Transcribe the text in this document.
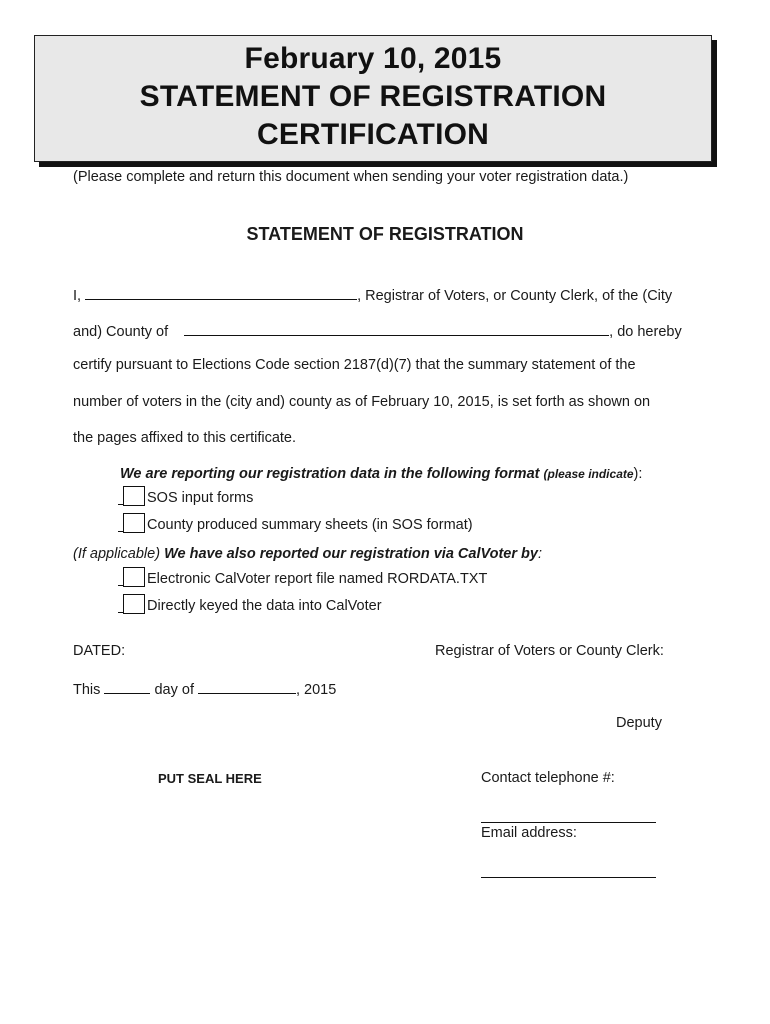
February 10, 2015
STATEMENT OF REGISTRATION
CERTIFICATION
(Please complete and return this document when sending your voter registration data.)
STATEMENT OF REGISTRATION
I,	, Registrar of Voters, or County Clerk, of the (City
and) County of	, do hereby
certify pursuant to Elections Code section 2187(d)(7) that the summary statement of the
number of voters in the (city and) county as of February 10, 2015, is set forth as shown on
the pages affixed to this certificate.
We are reporting our registration data in the following format (please indicate):
SOS input forms
County produced summary sheets (in SOS format)
(If applicable) We have also reported our registration via CalVoter by:
Electronic CalVoter report file named RORDATA.TXT
Directly keyed the data into CalVoter
DATED:	Registrar of Voters or County Clerk:
This	day of	, 2015
Deputy
PUT SEAL HERE	Contact telephone #:
Email address:
